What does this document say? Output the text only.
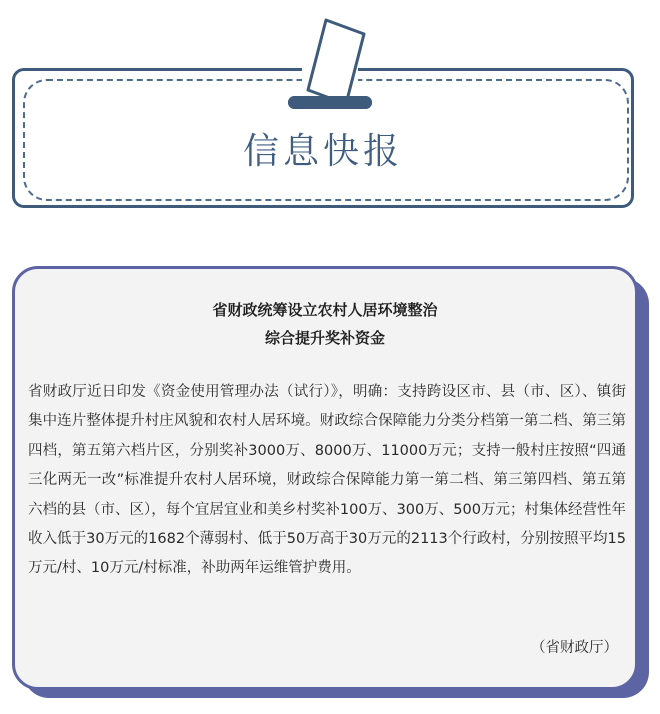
信息快报
省财政统筹设立农村人居环境整治
综合提升奖补资金

省财政厅近日印发《资金使用管理办法（试行）》，明确：支持跨设区市、县（市、区）、镇街集中连片整体提升村庄风貌和农村人居环境。财政综合保障能力分类分档第一第二档、第三第四档，第五第六档片区，分别奖补3000万、8000万、11000万元；支持一般村庄按照“四通三化两无一改”标准提升农村人居环境，财政综合保障能力第一第二档、第三第四档、第五第六档的县（市、区），每个宜居宜业和美乡村奖补100万、300万、500万元；村集体经营性年收入低于30万元的1682个薄弱村、低于50万高于30万元的2113个行政村，分别按照平均15万元/村、10万元/村标准，补助两年运维管护费用。

（省财政厅）
